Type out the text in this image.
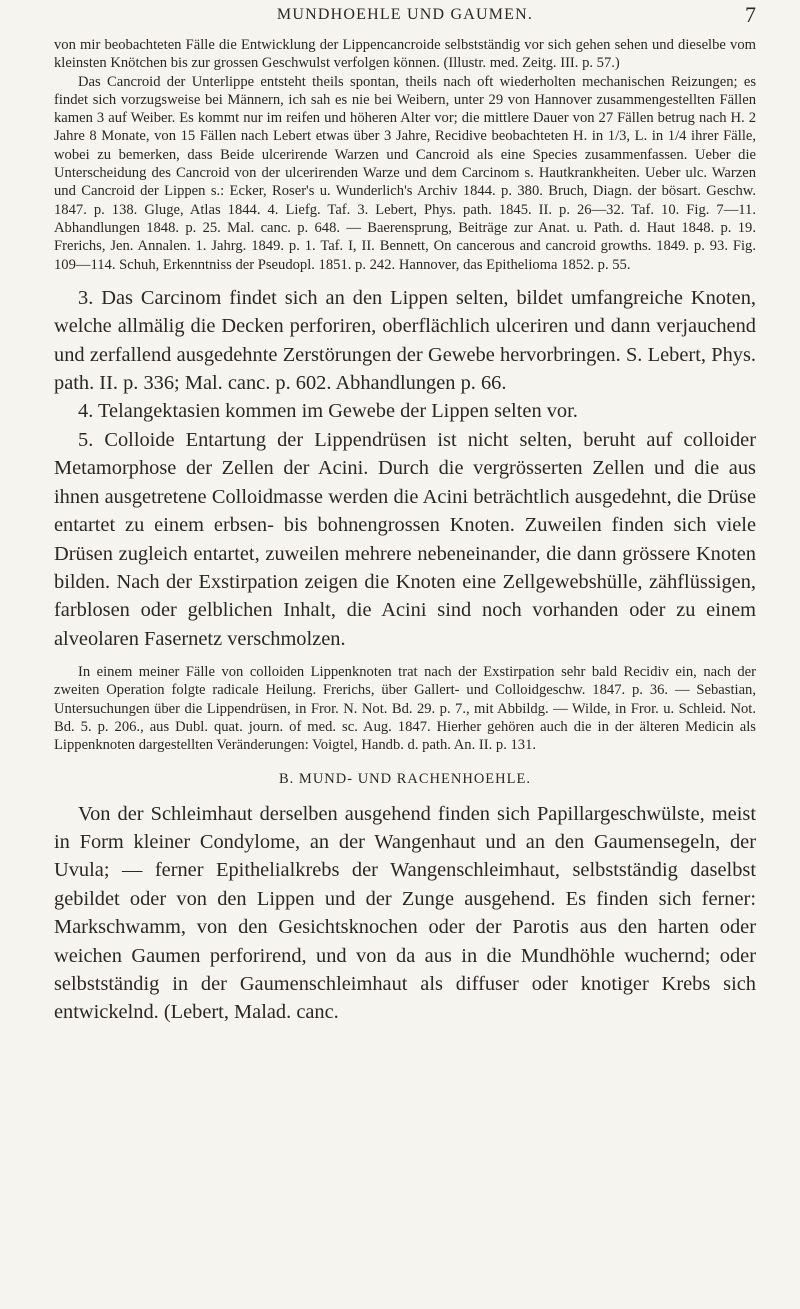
MUNDHOEHLE UND GAUMEN.	7

von mir beobachteten Fälle die Entwicklung der Lippencancroide selbstständig vor sich gehen sehen und dieselbe vom kleinsten Knötchen bis zur grossen Geschwulst verfolgen können. (Illustr. med. Zeitg. III. p. 57.)

Das Cancroid der Unterlippe entsteht theils spontan, theils nach oft wiederholten mechanischen Reizungen; es findet sich vorzugsweise bei Männern, ich sah es nie bei Weibern, unter 29 von Hannover zusammengestellten Fällen kamen 3 auf Weiber. Es kommt nur im reifen und höheren Alter vor; die mittlere Dauer von 27 Fällen betrug nach H. 2 Jahre 8 Monate, von 15 Fällen nach Lebert etwas über 3 Jahre, Recidive beobachteten H. in 1/3, L. in 1/4 ihrer Fälle, wobei zu bemerken, dass Beide ulcerirende Warzen und Cancroid als eine Species zusammenfassen. Ueber die Unterscheidung des Cancroid von der ulcerirenden Warze und dem Carcinom s. Hautkrankheiten. Ueber ulc. Warzen und Cancroid der Lippen s.: Ecker, Roser's u. Wunderlich's Archiv 1844. p. 380. Bruch, Diagn. der bösart. Geschw. 1847. p. 138. Gluge, Atlas 1844. 4. Liefg. Taf. 3. Lebert, Phys. path. 1845. II. p. 26—32. Taf. 10. Fig. 7—11. Abhandlungen 1848. p. 25. Mal. canc. p. 648. — Baerensprung, Beiträge zur Anat. u. Path. d. Haut 1848. p. 19. Frerichs, Jen. Annalen. 1. Jahrg. 1849. p. 1. Taf. I, II. Bennett, On cancerous and cancroid growths. 1849. p. 93. Fig. 109—114. Schuh, Erkenntniss der Pseudopl. 1851. p. 242. Hannover, das Epithelioma 1852. p. 55.

3. Das Carcinom findet sich an den Lippen selten, bildet umfangreiche Knoten, welche allmälig die Decken perforiren, oberflächlich ulceriren und dann verjauchend und zerfallend ausgedehnte Zerstörungen der Gewebe hervorbringen. S. Lebert, Phys. path. II. p. 336; Mal. canc. p. 602. Abhandlungen p. 66.

4. Telangektasien kommen im Gewebe der Lippen selten vor.

5. Colloide Entartung der Lippendrüsen ist nicht selten, beruht auf colloider Metamorphose der Zellen der Acini. Durch die vergrösserten Zellen und die aus ihnen ausgetretene Colloidmasse werden die Acini beträchtlich ausgedehnt, die Drüse entartet zu einem erbsen- bis bohnengrossen Knoten. Zuweilen finden sich viele Drüsen zugleich entartet, zuweilen mehrere nebeneinander, die dann grössere Knoten bilden. Nach der Exstirpation zeigen die Knoten eine Zellgewebshülle, zähflüssigen, farblosen oder gelblichen Inhalt, die Acini sind noch vorhanden oder zu einem alveolaren Fasernetz verschmolzen.

In einem meiner Fälle von colloiden Lippenknoten trat nach der Exstirpation sehr bald Recidiv ein, nach der zweiten Operation folgte radicale Heilung. Frerichs, über Gallert- und Colloidgeschw. 1847. p. 36. — Sebastian, Untersuchungen über die Lippendrüsen, in Fror. N. Not. Bd. 29. p. 7., mit Abbildg. — Wilde, in Fror. u. Schleid. Not. Bd. 5. p. 206., aus Dubl. quat. journ. of med. sc. Aug. 1847. Hierher gehören auch die in der älteren Medicin als Lippenknoten dargestellten Veränderungen: Voigtel, Handb. d. path. An. II. p. 131.

B. MUND- UND RACHENHOEHLE.

Von der Schleimhaut derselben ausgehend finden sich Papillargeschwülste, meist in Form kleiner Condylome, an der Wangenhaut und an den Gaumensegeln, der Uvula; — ferner Epithelialkrebs der Wangenschleimhaut, selbstständig daselbst gebildet oder von den Lippen und der Zunge ausgehend. Es finden sich ferner: Markschwamm, von den Gesichtsknochen oder der Parotis aus den harten oder weichen Gaumen perforirend, und von da aus in die Mundhöhle wuchernd; oder selbstständig in der Gaumenschleimhaut als diffuser oder knotiger Krebs sich entwickelnd. (Lebert, Malad. canc.
